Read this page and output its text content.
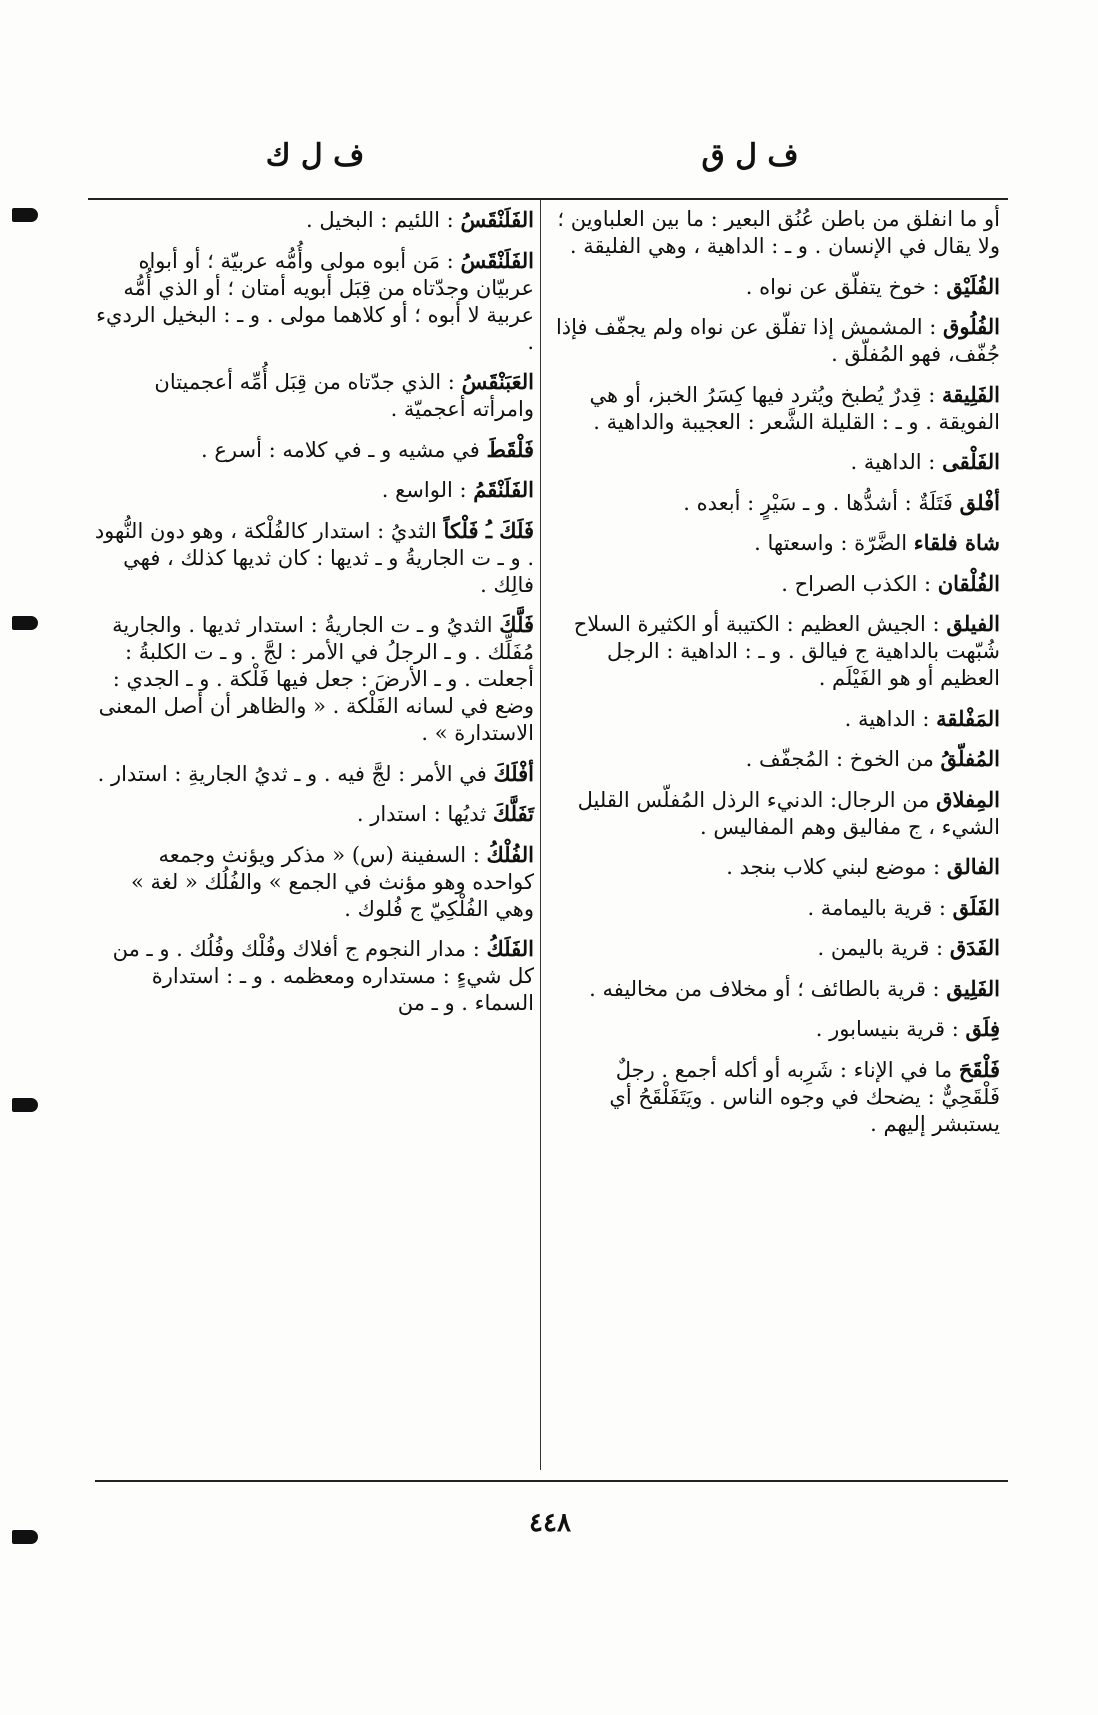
ف ل ق
ف ل ك
أو ما انفلق من باطن عُنُق البعير : ما بين العلباوين ؛ ولا يقال في الإنسان . و ـ : الداهية ، وهي الفليقة .
الفُلَيْق : خوخ يتفلّق عن نواه .
الفُلُوق : المشمش إذا تفلّق عن نواه ولم يجفّف فإذا جُفّف، فهو المُفلّق .
الفَلِيقة : قِدرٌ يُطبخ ويُثرد فيها كِسَرُ الخبز، أو هي الفويقة . و ـ : القليلة الشَّعر : العجيبة والداهية .
الفَلْقى : الداهية .
أفْلق فَتَلَةٌ : أشدُّها . و ـ سَيْرٍ : أبعده .
شاة فلقاء الضَّرّة : واسعتها .
الفُلْقان : الكذب الصراح .
الفيلق : الجيش العظيم : الكتيبة أو الكثيرة السلاح شُبّهت بالداهية ج فيالق . و ـ : الداهية : الرجل العظيم أو هو الفَيْلَم .
المَفْلقة : الداهية .
المُفلّقُ من الخوخ : المُجفّف .
المِفلاق من الرجال: الدنيء الرذل المُفلّس القليل الشيء ، ج مفاليق وهم المفاليس .
الفالق : موضع لبني كلاب بنجد .
الفَلَق : قرية باليمامة .
الفَدَق : قرية باليمن .
الفَلِيق : قرية بالطائف ؛ أو مخلاف من مخاليفه .
فِلَق : قرية بنيسابور .
فَلْقَحَ ما في الإناء : شَرِبه أو أكله أجمع . رجلٌ فَلْقَحِيٌّ : يضحك في وجوه الناس . ويَتَفَلْقَحُ أي يستبشر إليهم .
الفَلَنْقَسُ : اللئيم : البخيل .
الفَلَنْقَسُ : مَن أبوه مولى وأُمُّه عربيّة ؛ أو أبواه عربيّان وجدّتاه من قِبَل أبويه أمتان ؛ أو الذي أُمُّه عربية لا أبوه ؛ أو كلاهما مولى . و ـ : البخيل الرديء .
العَبَنْقَسُ : الذي جدّتاه من قِبَل أُمِّه أعجميتان وامرأته أعجميّة .
فَلْقَطَ في مشيه و ـ في كلامه : أسرع .
الفَلَنْقَمُ : الواسع .
فَلَكَ ـُ فَلْكاً الثديُ : استدار كالفُلْكة ، وهو دون النُّهود . و ـ ت الجاريةُ و ـ ثديها : كان ثديها كذلك ، فهي فالِك .
فَلَّكَ الثديُ و ـ ت الجاريةُ : استدار ثديها . والجارية مُفَلِّك . و ـ الرجلُ في الأمر : لجَّ . و ـ ت الكلبةُ : أجعلت . و ـ الأرضَ : جعل فيها فَلْكة . و ـ الجدي : وضع في لسانه الفَلْكة . « والظاهر أن أصل المعنى الاستدارة » .
أفْلَكَ في الأمر : لجَّ فيه . و ـ ثديُ الجاريةِ : استدار .
تَفَلَّكَ ثديُها : استدار .
الفُلْكُ : السفينة (س) « مذكر ويؤنث وجمعه كواحده وهو مؤنث في الجمع » والفُلُك « لغة » وهي الفُلْكِيّ ج فُلوك .
الفَلَكُ : مدار النجوم ج أفلاك وفُلْك وفُلُك . و ـ من كل شيءٍ : مستداره ومعظمه . و ـ : استدارة السماء . و ـ من
٤٤٨
